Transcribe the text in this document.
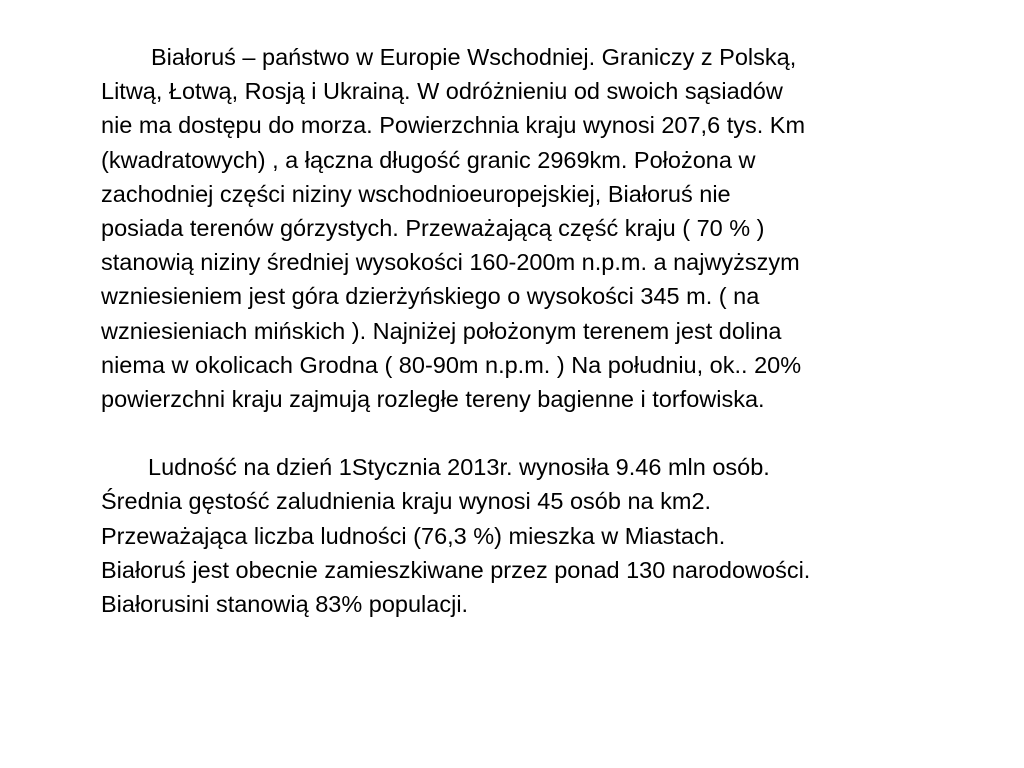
Białoruś – państwo w Europie Wschodniej. Graniczy z Polską,
Litwą, Łotwą, Rosją i Ukrainą. W odróżnieniu od swoich sąsiadów
nie ma dostępu do morza. Powierzchnia kraju wynosi 207,6 tys. Km
(kwadratowych) , a łączna długość granic 2969km. Położona w
zachodniej części niziny wschodnioeuropejskiej, Białoruś nie
posiada terenów górzystych. Przeważającą część kraju ( 70 % )
stanowią niziny średniej wysokości 160-200m n.p.m. a najwyższym
wzniesieniem jest góra dzierżyńskiego o wysokości 345 m. ( na
wzniesieniach mińskich ). Najniżej położonym terenem jest dolina
niema w okolicach Grodna ( 80-90m n.p.m. ) Na południu, ok.. 20%
powierzchni kraju zajmują rozległe tereny bagienne i torfowiska.

Ludność na dzień 1Stycznia 2013r. wynosiła 9.46 mln osób.
Średnia gęstość zaludnienia kraju wynosi 45 osób na km2.
Przeważająca liczba ludności (76,3 %) mieszka w Miastach.
Białoruś jest obecnie zamieszkiwane przez ponad 130 narodowości.
Białorusini stanowią 83% populacji.
